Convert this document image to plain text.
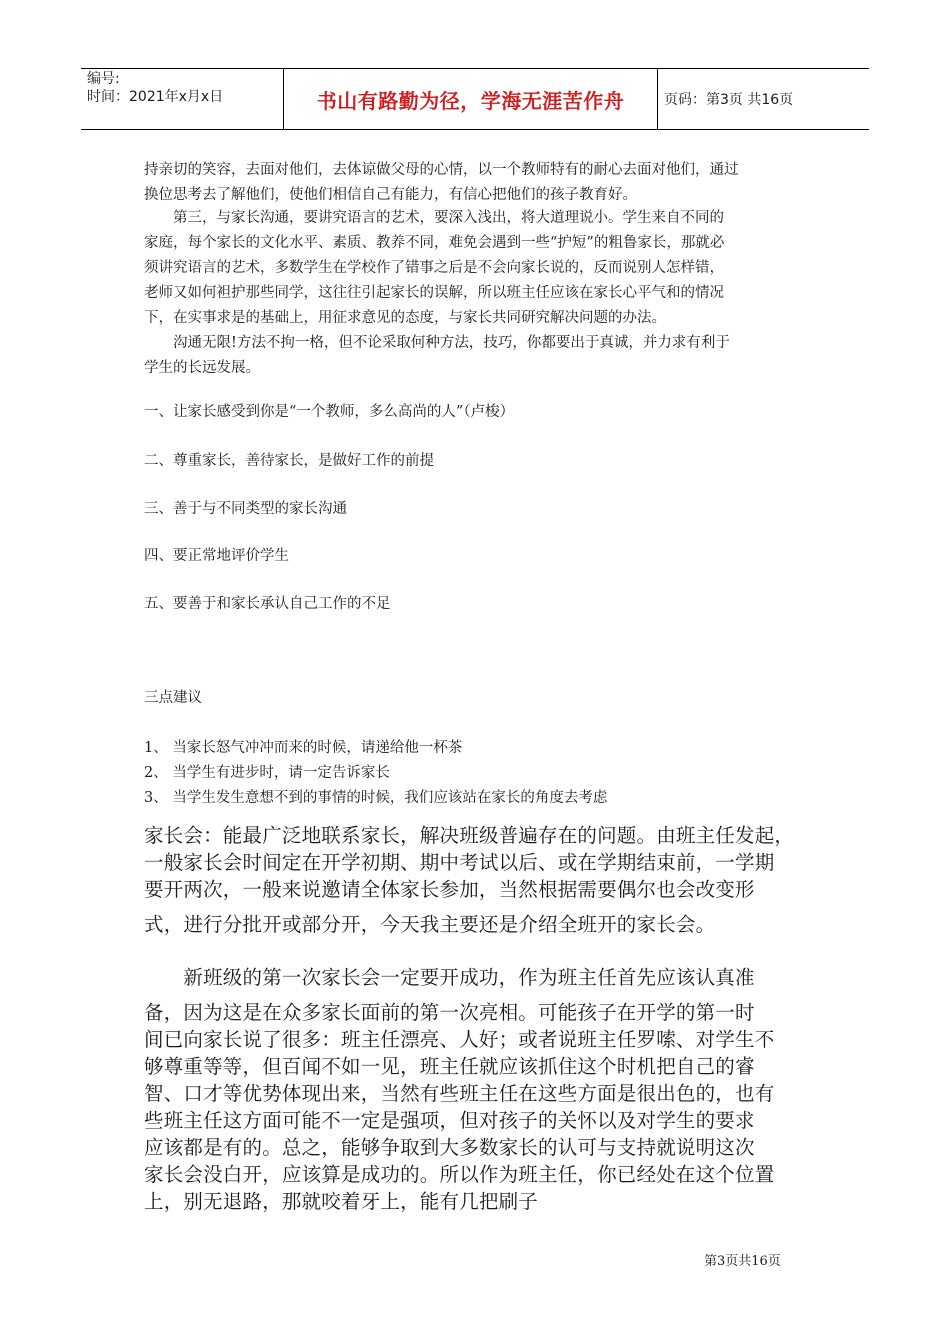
编号:
时间：2021年x月x日	书山有路勤为径，学海无涯苦作舟	页码：第3页 共16页
持亲切的笑容，去面对他们，去体谅做父母的心情，以一个教师特有的耐心去面对他们，通过
换位思考去了解他们，使他们相信自己有能力，有信心把他们的孩子教育好。
　　第三，与家长沟通，要讲究语言的艺术，要深入浅出，将大道理说小。学生来自不同的
家庭，每个家长的文化水平、素质、教养不同，难免会遇到一些“护短”的粗鲁家长，那就必
须讲究语言的艺术，多数学生在学校作了错事之后是不会向家长说的，反而说别人怎样错，
老师又如何袒护那些同学，这往往引起家长的误解，所以班主任应该在家长心平气和的情况
下，在实事求是的基础上，用征求意见的态度，与家长共同研究解决问题的办法。
　　沟通无限!方法不拘一格，但不论采取何种方法，技巧，你都要出于真诚，并力求有利于
学生的长远发展。
一、让家长感受到你是“一个教师，多么高尚的人”（卢梭）
二、尊重家长，善待家长，是做好工作的前提
三、善于与不同类型的家长沟通
四、要正常地评价学生
五、要善于和家长承认自己工作的不足
三点建议
1、 当家长怒气冲冲而来的时候，请递给他一杯茶
2、 当学生有进步时，请一定告诉家长
3、 当学生发生意想不到的事情的时候，我们应该站在家长的角度去考虑
家长会：能最广泛地联系家长，解决班级普遍存在的问题。由班主任发起，
一般家长会时间定在开学初期、期中考试以后、或在学期结束前，一学期
要开两次，一般来说邀请全体家长参加，当然根据需要偶尔也会改变形
式，进行分批开或部分开，今天我主要还是介绍全班开的家长会。
　　新班级的第一次家长会一定要开成功，作为班主任首先应该认真准
备，因为这是在众多家长面前的第一次亮相。可能孩子在开学的第一时
间已向家长说了很多：班主任漂亮、人好；或者说班主任罗嗦、对学生不
够尊重等等，但百闻不如一见，班主任就应该抓住这个时机把自己的睿
智、口才等优势体现出来，当然有些班主任在这些方面是很出色的，也有
些班主任这方面可能不一定是强项，但对孩子的关怀以及对学生的要求
应该都是有的。总之，能够争取到大多数家长的认可与支持就说明这次
家长会没白开，应该算是成功的。所以作为班主任，你已经处在这个位置
上，别无退路，那就咬着牙上，能有几把刷子
第3页共16页
